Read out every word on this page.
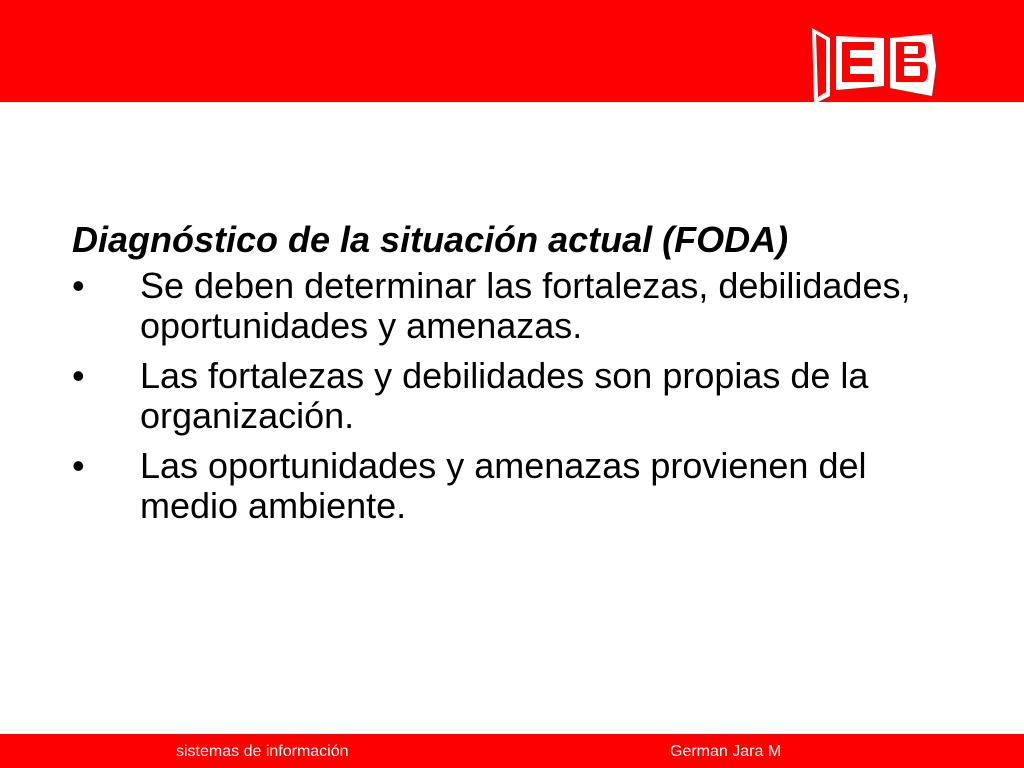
Diagnóstico de la situación actual (FODA)
•	Se deben determinar las fortalezas, debilidades, oportunidades y amenazas.
•	Las fortalezas y debilidades son propias de la organización.
•	Las oportunidades y amenazas provienen del medio ambiente.
sistemas de información	German Jara M
